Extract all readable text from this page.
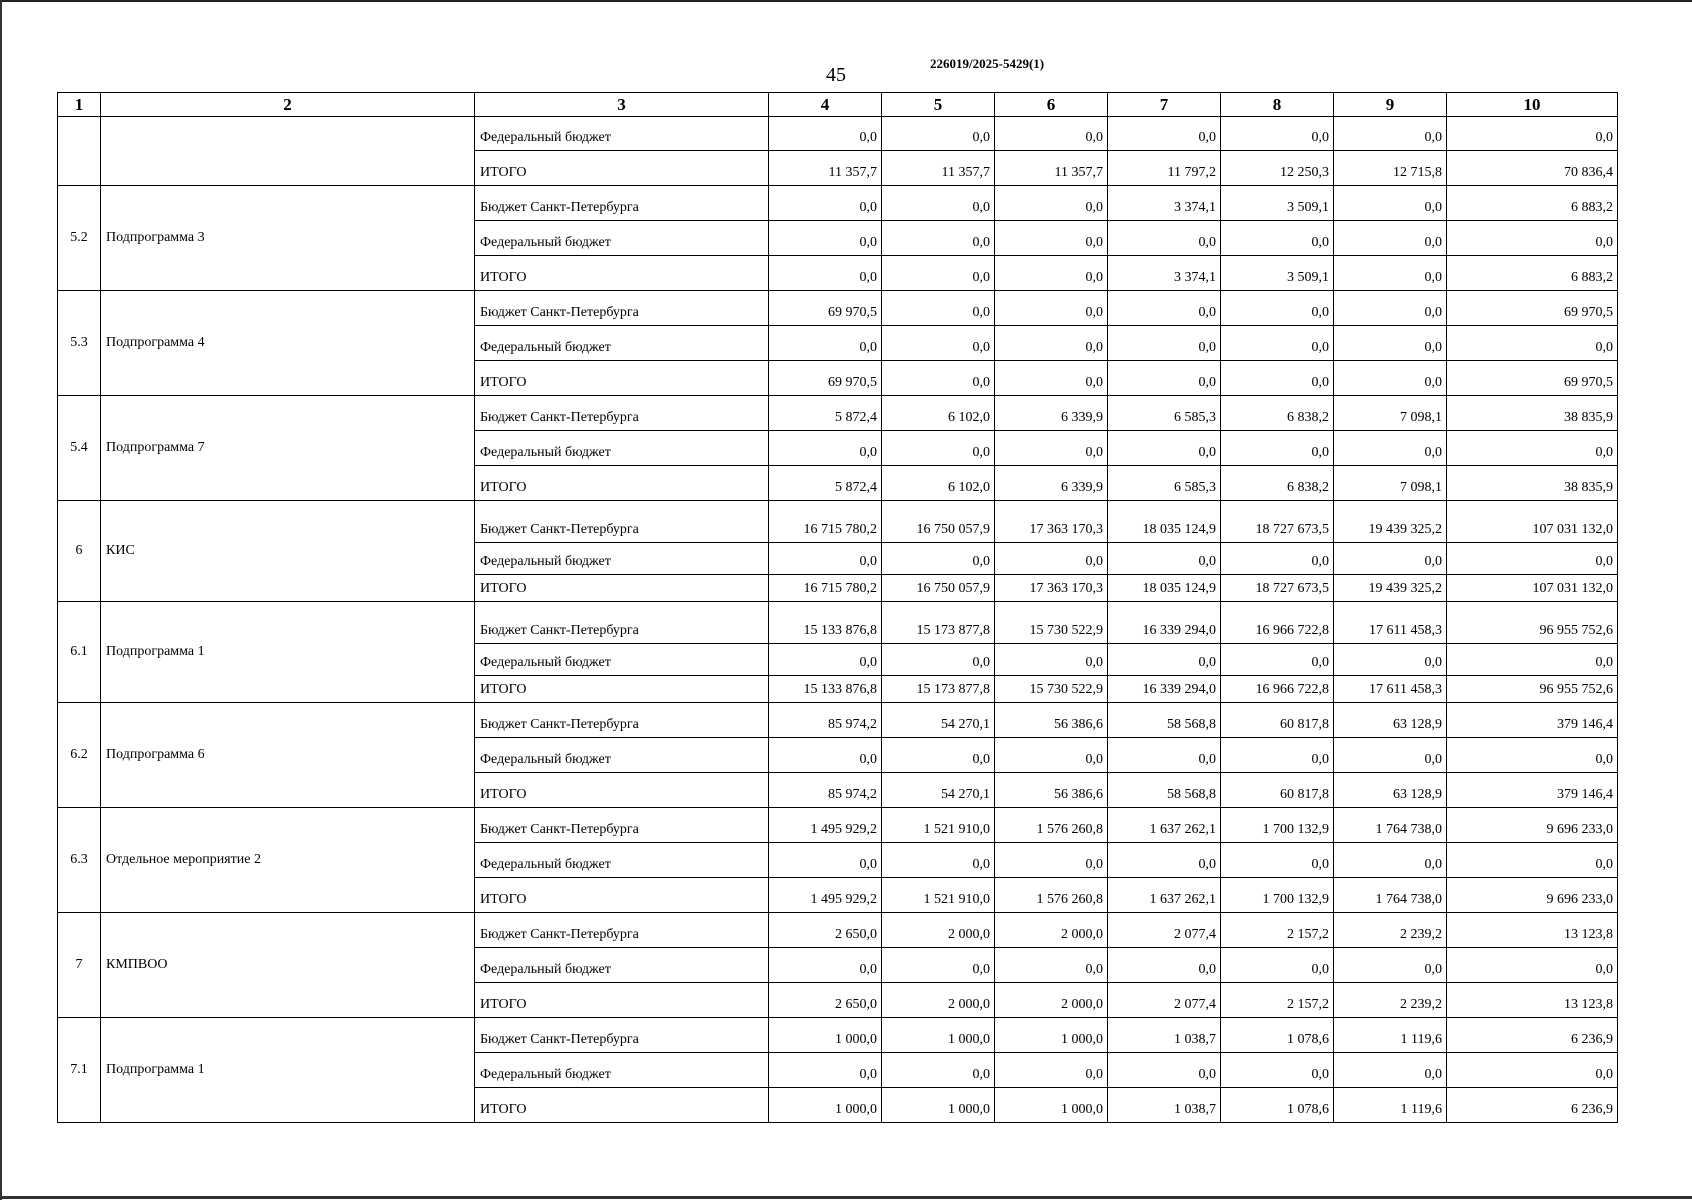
45
226019/2025-5429(1)
1	2	3	4	5	6	7	8	9	10
		Федеральный бюджет	0,0	0,0	0,0	0,0	0,0	0,0	0,0
		ИТОГО	11 357,7	11 357,7	11 357,7	11 797,2	12 250,3	12 715,8	70 836,4
5.2	Подпрограмма 3	Бюджет Санкт-Петербурга	0,0	0,0	0,0	3 374,1	3 509,1	0,0	6 883,2
		Федеральный бюджет	0,0	0,0	0,0	0,0	0,0	0,0	0,0
		ИТОГО	0,0	0,0	0,0	3 374,1	3 509,1	0,0	6 883,2
5.3	Подпрограмма 4	Бюджет Санкт-Петербурга	69 970,5	0,0	0,0	0,0	0,0	0,0	69 970,5
		Федеральный бюджет	0,0	0,0	0,0	0,0	0,0	0,0	0,0
		ИТОГО	69 970,5	0,0	0,0	0,0	0,0	0,0	69 970,5
5.4	Подпрограмма 7	Бюджет Санкт-Петербурга	5 872,4	6 102,0	6 339,9	6 585,3	6 838,2	7 098,1	38 835,9
		Федеральный бюджет	0,0	0,0	0,0	0,0	0,0	0,0	0,0
		ИТОГО	5 872,4	6 102,0	6 339,9	6 585,3	6 838,2	7 098,1	38 835,9
6	КИС	Бюджет Санкт-Петербурга	16 715 780,2	16 750 057,9	17 363 170,3	18 035 124,9	18 727 673,5	19 439 325,2	107 031 132,0
		Федеральный бюджет	0,0	0,0	0,0	0,0	0,0	0,0	0,0
		ИТОГО	16 715 780,2	16 750 057,9	17 363 170,3	18 035 124,9	18 727 673,5	19 439 325,2	107 031 132,0
6.1	Подпрограмма 1	Бюджет Санкт-Петербурга	15 133 876,8	15 173 877,8	15 730 522,9	16 339 294,0	16 966 722,8	17 611 458,3	96 955 752,6
		Федеральный бюджет	0,0	0,0	0,0	0,0	0,0	0,0	0,0
		ИТОГО	15 133 876,8	15 173 877,8	15 730 522,9	16 339 294,0	16 966 722,8	17 611 458,3	96 955 752,6
6.2	Подпрограмма 6	Бюджет Санкт-Петербурга	85 974,2	54 270,1	56 386,6	58 568,8	60 817,8	63 128,9	379 146,4
		Федеральный бюджет	0,0	0,0	0,0	0,0	0,0	0,0	0,0
		ИТОГО	85 974,2	54 270,1	56 386,6	58 568,8	60 817,8	63 128,9	379 146,4
6.3	Отдельное мероприятие 2	Бюджет Санкт-Петербурга	1 495 929,2	1 521 910,0	1 576 260,8	1 637 262,1	1 700 132,9	1 764 738,0	9 696 233,0
		Федеральный бюджет	0,0	0,0	0,0	0,0	0,0	0,0	0,0
		ИТОГО	1 495 929,2	1 521 910,0	1 576 260,8	1 637 262,1	1 700 132,9	1 764 738,0	9 696 233,0
7	КМПВОО	Бюджет Санкт-Петербурга	2 650,0	2 000,0	2 000,0	2 077,4	2 157,2	2 239,2	13 123,8
		Федеральный бюджет	0,0	0,0	0,0	0,0	0,0	0,0	0,0
		ИТОГО	2 650,0	2 000,0	2 000,0	2 077,4	2 157,2	2 239,2	13 123,8
7.1	Подпрограмма 1	Бюджет Санкт-Петербурга	1 000,0	1 000,0	1 000,0	1 038,7	1 078,6	1 119,6	6 236,9
		Федеральный бюджет	0,0	0,0	0,0	0,0	0,0	0,0	0,0
		ИТОГО	1 000,0	1 000,0	1 000,0	1 038,7	1 078,6	1 119,6	6 236,9
